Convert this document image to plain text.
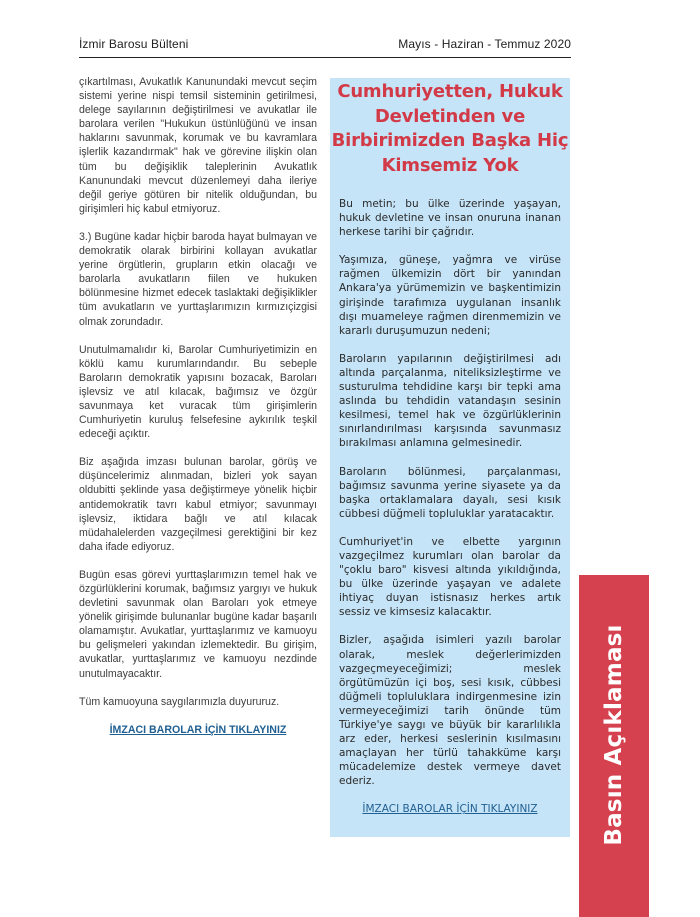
İzmir Barosu Bülteni	Mayıs - Haziran - Temmuz 2020

çıkartılması, Avukatlık Kanunundaki mevcut seçim sistemi yerine nispi temsil sisteminin getirilmesi, delege sayılarının değiştirilmesi ve avukatlar ile barolara verilen "Hukukun üstünlüğünü ve insan haklarını savunmak, korumak ve bu kavramlara işlerlik kazandırmak" hak ve görevine ilişkin olan tüm bu değişiklik taleplerinin Avukatlık Kanunundaki mevcut düzenlemeyi daha ileriye değil geriye götüren bir nitelik olduğundan, bu girişimleri hiç kabul etmiyoruz.

3.) Bugüne kadar hiçbir baroda hayat bulmayan ve demokratik olarak birbirini kollayan avukatlar yerine örgütlerin, grupların etkin olacağı ve barolarla avukatların fiilen ve hukuken bölünmesine hizmet edecek taslaktaki değişiklikler tüm avukatların ve yurttaşlarımızın kırmızıçizgisi olmak zorundadır.

Unutulmamalıdır ki, Barolar Cumhuriyetimizin en köklü kamu kurumlarındandır. Bu sebeple Baroların demokratik yapısını bozacak, Baroları işlevsiz ve atıl kılacak, bağımsız ve özgür savunmaya ket vuracak tüm girişimlerin Cumhuriyetin kuruluş felsefesine aykırılık teşkil edeceği açıktır.

Biz aşağıda imzası bulunan barolar, görüş ve düşüncelerimiz alınmadan, bizleri yok sayan oldubitti şeklinde yasa değiştirmeye yönelik hiçbir antidemokratik tavrı kabul etmiyor; savunmayı işlevsiz, iktidara bağlı ve atıl kılacak müdahalelerden vazgeçilmesi gerektiğini bir kez daha ifade ediyoruz.

Bugün esas görevi yurttaşlarımızın temel hak ve özgürlüklerini korumak, bağımsız yargıyı ve hukuk devletini savunmak olan Baroları yok etmeye yönelik girişimde bulunanlar bugüne kadar başarılı olamamıştır. Avukatlar, yurttaşlarımız ve kamuoyu bu gelişmeleri yakından izlemektedir. Bu girişim, avukatlar, yurttaşlarımız ve kamuoyu nezdinde unutulmayacaktır.

Tüm kamuoyuna saygılarımızla duyururuz.

İMZACI BAROLAR İÇİN TIKLAYINIZ
Cumhuriyetten, Hukuk Devletinden ve Birbirimizden Başka Hiç Kimsemiz Yok

Bu metin; bu ülke üzerinde yaşayan, hukuk devletine ve insan onuruna inanan herkese tarihi bir çağrıdır.

Yaşımıza, güneşe, yağmra ve virüse rağmen ülkemizin dört bir yanından Ankara'ya yürümemizin ve başkentimizin girişinde tarafımıza uygulanan insanlık dışı muameleye rağmen direnmemizin ve kararlı duruşumuzun nedeni;

Baroların yapılarının değiştirilmesi adı altında parçalanma, niteliksizleştirme ve susturulma tehdidine karşı bir tepki ama aslında bu tehdidin vatandaşın sesinin kesilmesi, temel hak ve özgürlüklerinin sınırlandırılması karşısında savunmasız bırakılması anlamına gelmesinedir.

Baroların bölünmesi, parçalanması, bağımsız savunma yerine siyasete ya da başka ortaklamalara dayalı, sesi kısık cübbesi düğmeli topluluklar yaratacaktır.

Cumhuriyet'in ve elbette yargının vazgeçilmez kurumları olan barolar da "çoklu baro" kisvesi altında yıkıldığında, bu ülke üzerinde yaşayan ve adalete ihtiyaç duyan istisnasız herkes artık sessiz ve kimsesiz kalacaktır.

Bizler, aşağıda isimleri yazılı barolar olarak, meslek değerlerimizden vazgeçmeyeceğimizi; meslek örgütümüzün içi boş, sesi kısık, cübbesi düğmeli topluluklara indirgenmesine izin vermeyeceğimizi tarih önünde tüm Türkiye'ye saygı ve büyük bir kararlılıkla arz eder, herkesi seslerinin kısılmasını amaçlayan her türlü tahakküme karşı mücadelemize destek vermeye davet ederiz.

İMZACI BAROLAR İÇİN TIKLAYINIZ	Basın Açıklaması
